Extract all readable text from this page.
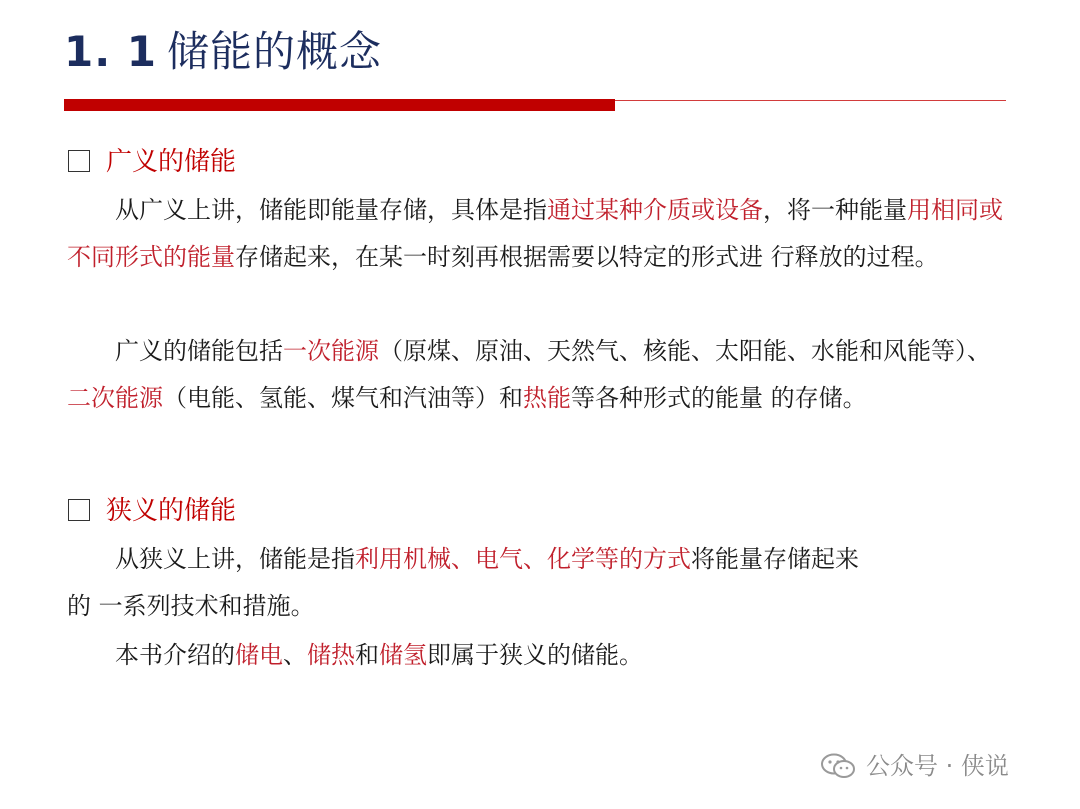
1. 1 储能的概念
广义的储能
从广义上讲，储能即能量存储，具体是指通过某种介质或设备，将一种能量用相同或不同形式的能量存储起来，在某一时刻再根据需要以特定的形式进 行释放的过程。
广义的储能包括一次能源（原煤、原油、天然气、核能、太阳能、水能和风能等）、二次能源（电能、氢能、煤气和汽油等）和热能等各种形式的能量 的存储。
狭义的储能
从狭义上讲，储能是指利用机械、电气、化学等的方式将能量存储起来
的 一系列技术和措施。
本书介绍的储电、储热和储氢即属于狭义的储能。
公众号 · 侠说
